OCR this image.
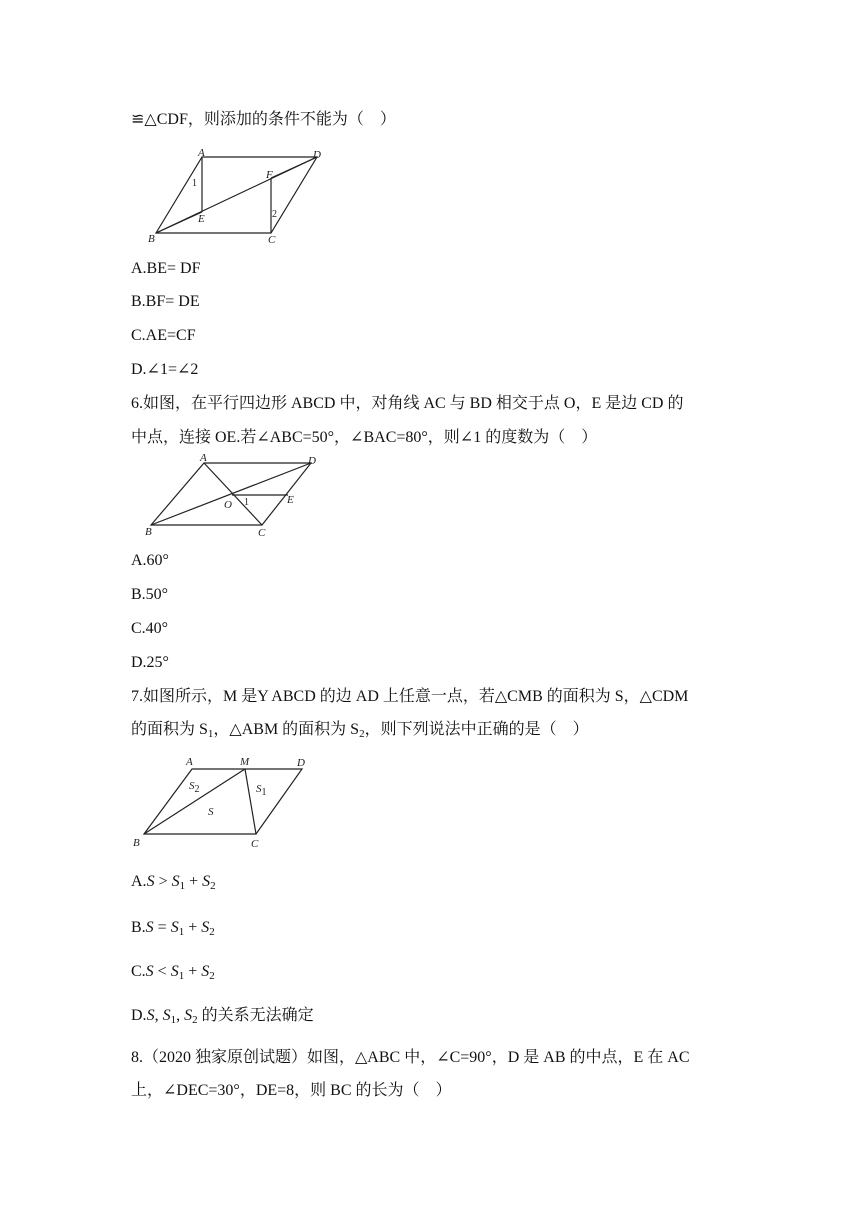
≌△CDF，则添加的条件不能为（　）
A	D
F
1
2
E
B	C
A.BE= DF
B.BF= DE
C.AE=CF
D.∠1=∠2
6.如图，在平行四边形 ABCD 中，对角线 AC 与 BD 相交于点 O，E 是边 CD 的
中点，连接 OE.若∠ABC=50°，∠BAC=80°，则∠1 的度数为（　）
A	D
O 1	E
B	C
A.60°
B.50°
C.40°
D.25°
7.如图所示，M 是Y ABCD 的边 AD 上任意一点，若△CMB 的面积为 S，△CDM
的面积为 $S_1$，△ABM 的面积为 $S_2$，则下列说法中正确的是（　）
A	M	D
S2	S1
S
B	C
$A.S > S_1 + S_2$
$B.S = S_1 + S_2$
$C.S < S_1 + S_2$
D.S, $S_1$, $S_2$ 的关系无法确定
8.（2020 独家原创试题）如图，△ABC 中，∠C=90°，D 是 AB 的中点，E 在 AC
上，∠DEC=30°，DE=8，则 BC 的长为（　）
